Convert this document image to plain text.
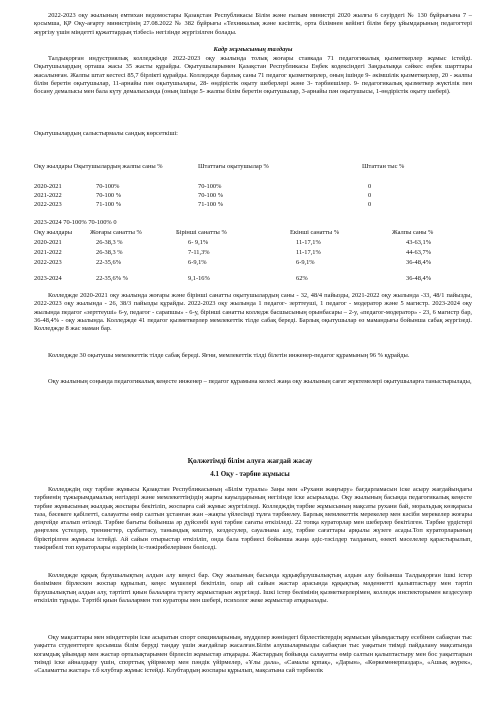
2022-2023 оқу жылының емтихан ведомостары Қазақстан Республикасы Білім және ғылым министрі 2020 жылғы 6 сәуірдегі № 130 бұйрығына 7 – қосымша, ҚР Оқу-ағарту министрінің 27.08.2022 № 382 бұйрығы «Техникалық және кәсіптік, орта білімнен кейінгі білім беру ұйымдарының педагогтері жүргізу үшін міндетті құжаттардың тізбесі» негізінде жүргізілген болады.

Кадр жұмысының талдауы

Талдықорған индустриялық колледжінде 2022-2023 оқу жылында толық жоғары ставкада 71 педагогикалық қызметкерлер жұмыс істейді. Оқытушылардың орташа жасы 35 жасты құрайды. Оқытушыларымен Қазақстан Республикасы Еңбек кодексіндегі Заңдылыққа сәйкес еңбек шарттары жасалынған. Жалпы штат кестесі 85,7 бірлікті құрайды. Колледжде барлық саны 71 педагог қызметкерлер, оның ішінде 9- әкімшілік қызметкерлер, 20 - жалпы білім беретін оқытушылар, 11-арнайы пән оқытушылары, 28- өндірістік оқыту шеберлері және 3- тәрбиешілер. 9- педагогикалық қызметкер жүктілік пен босану демалысы мен бала күту демалысында (оның ішінде 5- жалпы білім беретін оқытушылар, 3-арнайы пән оқытушысы, 1-өндірістік оқыту шебері).

Оқытушылардың салыстырмалы сандық көрсеткіші:

Оқу жылдары Оқытушылардың жалпы саны %	Штаттағы оқытушылар %	Штаттан тыс %
2020-2021	70-100%	70-100%	0
2021-2022	70-100 %	70-100 %	0
2022-2023	71-100 %	71-100 %	0
2023-2024 70-100% 70-100% 0
Оқу жылдары	Жоғары санатты %	Бірінші санатты %	Екінші санатты %	Жалпы саны %
2020-2021	26-38,3 %	6- 9,1%	11-17,1%	43-63,1%
2021-2022	26-38,3 %	7-11,3%	11-17,1%	44-63,7%
2022-2023	22-35,6%	6-9,1%	6-9,1%	36-48,4%
2023-2024	22-35,6% %	9,1-16%	62%	36-48,4%

Колледжде 2020-2021 оқу жылында жоғары және бірінші санатты оқытушылардың саны - 32, 48/4 пайызды, 2021-2022 оқу жылында -33, 48/1 пайызды, 2022-2023 оқу жылында - 26, 38/3 пайызды құрайды. 2022-2023 оқу жылында 1 педагог- зерттеуші, 1 педагог - модератор және 5 магистр. 2023-2024 оқу жылында педагог «зерттеуші» 6-у, педагог - сарапшы» - 6-у, бірінші санатты колледж басшысының орынбасары – 2-у, «педагог-модератор» - 23, 6 магистр бар, 36-48,4% - оқу жылында. Колледжде 41 педагог қызметкерлер мемлекеттік тілде сабақ береді. Барлық оқытушылар өз мамандығы бойынша сабақ жүргізеді. Колледжде 8 жас маман бар.

Колледжде 30 оқытушы мемлекеттік тілде сабақ береді. Яғни, мемлекеттік тілді білетін инженер-педагог құрамының 96 % құрайды.

Оқу жылының соңында педагогикалық кеңесте инженер – педагог құрамына келесі жаңа оқу жылының сағат жүктемелері оқытушыларға таныстырылады,

Қолжетімді білім алуға жағдай жасау

4.1 Оқу - тәрбие жұмысы

Колледждің оқу тәрбие жұмысы Қазақстан Республикасының «Білім туралы» Заңы мен «Рухани жаңғыру» бағдарламасын іске асыру жағдайындағы тәрбиенің тұжырымдамалық негіздері және мемлекеттіңіздің жарғы кауылдарының негізінде іске асырылады. Оқу жылының басында педагогикалық кеңесте тәрбие жұмысының жылдық жоспары бекітіліп, жоспарға сай жұмыс жүргізіледі. Колледждің тәрбие жұмысының мақсаты рухани бай, моральдық көзқарасы таза, бәсекеге қабілетті, салауатты өмір салтын ұстанған жан –жақты үйлесімді тұлға тәрбиелеу. Барлық мемлекеттік мерекелер мен кәсіби мерекелер жоғары деңгейде аталып өтіледі. Тәрбие бағыты бойынша әр дүйсенбі күні тәрбие сағаты өткізіледі. 22 топқа кураторлар мен шеберлер бекітілген. Тәрбие үрдістері дөңгелек үстелдер, тренингтер, сұхбаттасу, танымдық кештер, кездесулер, сауалнама алу, тәрбие сағаттары арқылы жүзеге асады.Топ кураторларының біріктірілген жұмысы істейді. Ай сайын отырыстар өткізіліп, онда бала тәрбиесі бойынша жаңа әдіс-тәсілдер талданып, өзекті мәселелер қарастырылып, тәжірибелі топ кураторлары өздерінің іс-тәжірибелерімен бөліседі.

Колледжде құқық бұзушылықтың алдын алу кеңесі бар. Оқу жылының басында құқықбұзушылықтың алдын алу бойынша Талдықорған ішкі істер бөлімімен бірлескен жоспар құрылып, кеңес мүшелері бекітіліп, олар ай сайын жастар арасында құқықтық мәдениетті қалыптастыру мен тәртіп бұзушылықтың алдын алу, тәртіпті қиын балаларға түзету жұмыстарын жүргізеді. Ішкі істер бөлімінің қызметкерлерімен, колледж инспекторымен кездесулер өткізіліп тұрады. Тәртібі қиын балалармен топ кураторы мен шебері, психолог жеке жұмыстар атқарылады.

Оқу мақсаттары мен міндеттерін іске асыратын спорт секцияларының, мүдделер жөніндегі бірлестіктердің жұмысын ұйымдастыру есебінен сабақтан тыс уақытта студенттерге қосымша білім беруді тандау үшін жағдайлар жасалған.Білім алушылармызды сабақтан тыс уақытын тиімді пайдалану мақсатында когамдық ұйымдар мен жастар орталықтарымен бірлесіп жұмыстар атқарады. Жастардың бойында салауатты өмір салтын қалыптастыру мен бос уақыттарын тиімді іске айналдыру үшін, спорттық үйірмелер мен пәндік үйірмелер, «Ұлы дала», «Самалы қрпақ», «Дарын», «Көркемөнерпаздар», «Ашық жүрек», «Саламатты жастар» т.б клубтар жұмыс істейді. Клубтардың жоспары құрылып, мақсатына сай тәрбиелік
